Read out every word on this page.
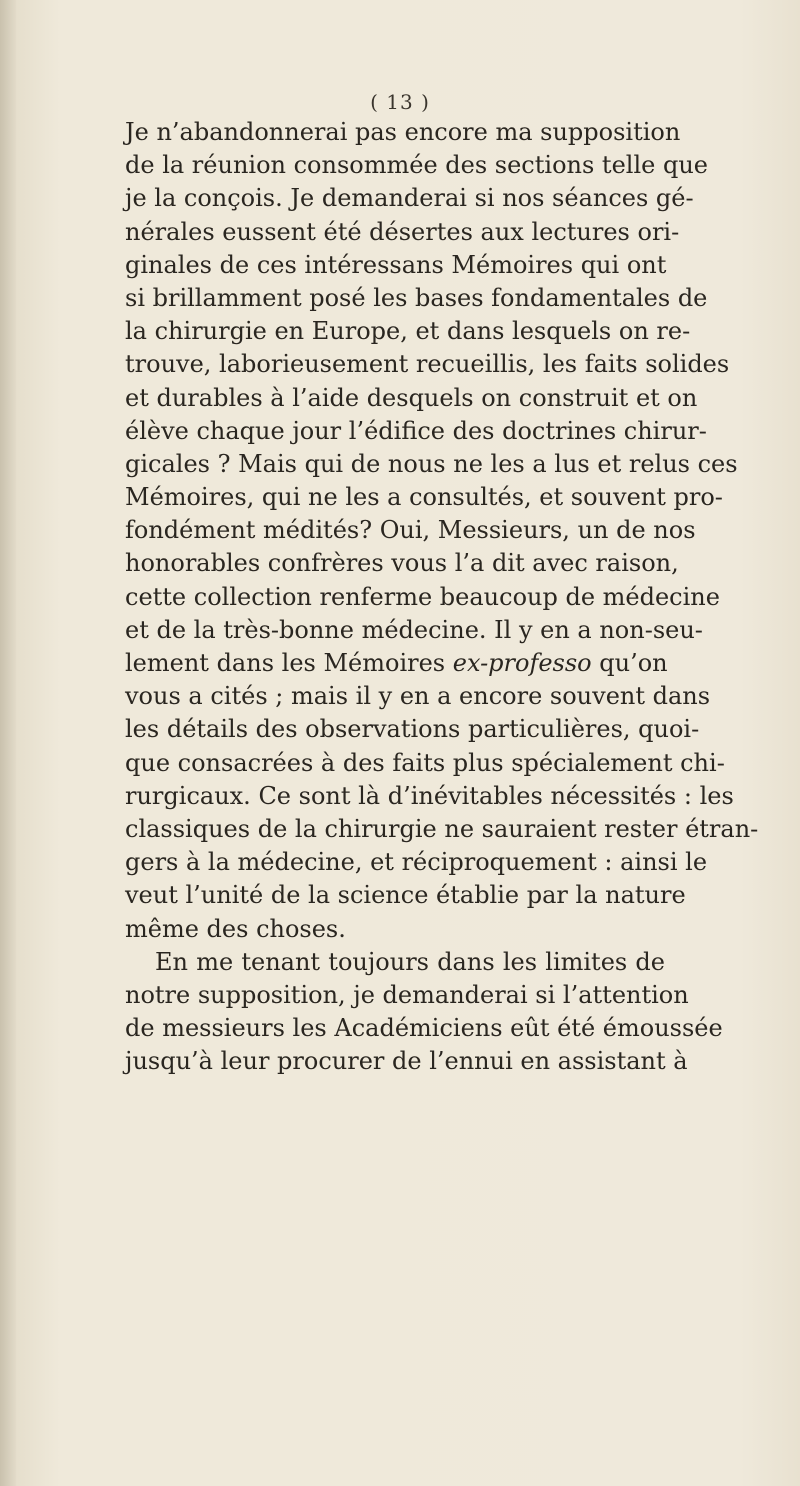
( 13 )
Je n’abandonnerai pas encore ma supposition
de la réunion consommée des sections telle que
je la conçois. Je demanderai si nos séances gé-
nérales eussent été désertes aux lectures ori-
ginales de ces intéressans Mémoires qui ont
si brillamment posé les bases fondamentales de
la chirurgie en Europe, et dans lesquels on re-
trouve, laborieusement recueillis, les faits solides
et durables à l’aide desquels on construit et on
élève chaque jour l’édifice des doctrines chirur-
gicales ? Mais qui de nous ne les a lus et relus ces
Mémoires, qui ne les a consultés, et souvent pro-
fondément médités? Oui, Messieurs, un de nos
honorables confrères vous l’a dit avec raison,
cette collection renferme beaucoup de médecine
et de la très-bonne médecine. Il y en a non-seu-
lement dans les Mémoires ex-professo qu’on
vous a cités ; mais il y en a encore souvent dans
les détails des observations particulières, quoi-
que consacrées à des faits plus spécialement chi-
rurgicaux. Ce sont là d’inévitables nécessités : les
classiques de la chirurgie ne sauraient rester étran-
gers à la médecine, et réciproquement : ainsi le
veut l’unité de la science établie par la nature
même des choses.
En me tenant toujours dans les limites de
notre supposition, je demanderai si l’attention
de messieurs les Académiciens eût été émoussée
jusqu’à leur procurer de l’ennui en assistant à
